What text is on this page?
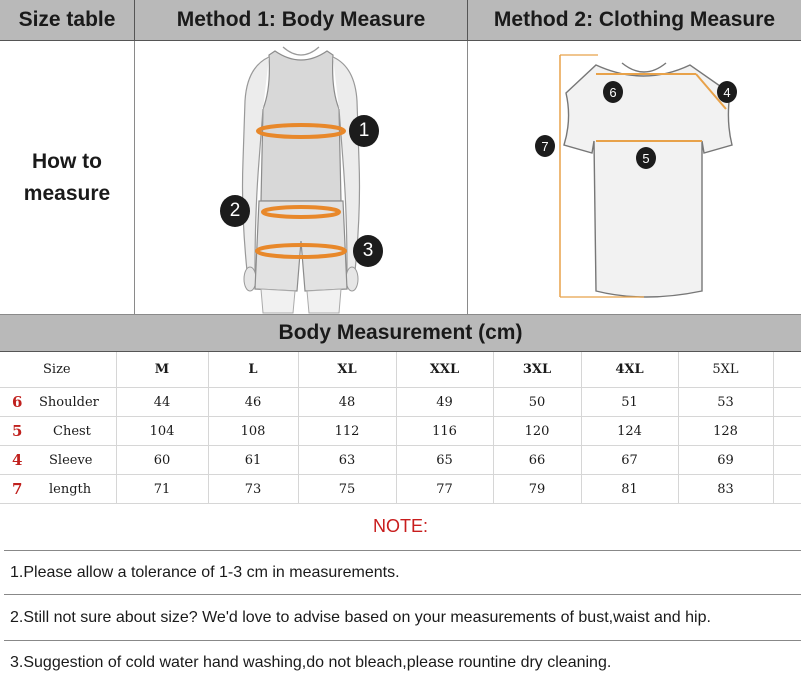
Size table	Method 1: Body Measure	Method 2: Clothing Measure
How to
measure
1
2
3
6	4
7
5
Body Measurement (cm)
	Size	M	L	XL	XXL	3XL	4XL	5XL	
6	Shoulder	44	46	48	49	50	51	53	
5	Chest	104	108	112	116	120	124	128	
4	Sleeve	60	61	63	65	66	67	69	
7	length	71	73	75	77	79	81	83	
NOTE:
1.Please allow a tolerance of 1-3 cm in measurements.
2.Still not sure about size? We'd love to advise based on your measurements of bust,waist and hip.
3.Suggestion of cold water hand washing,do not bleach,please rountine dry cleaning.
